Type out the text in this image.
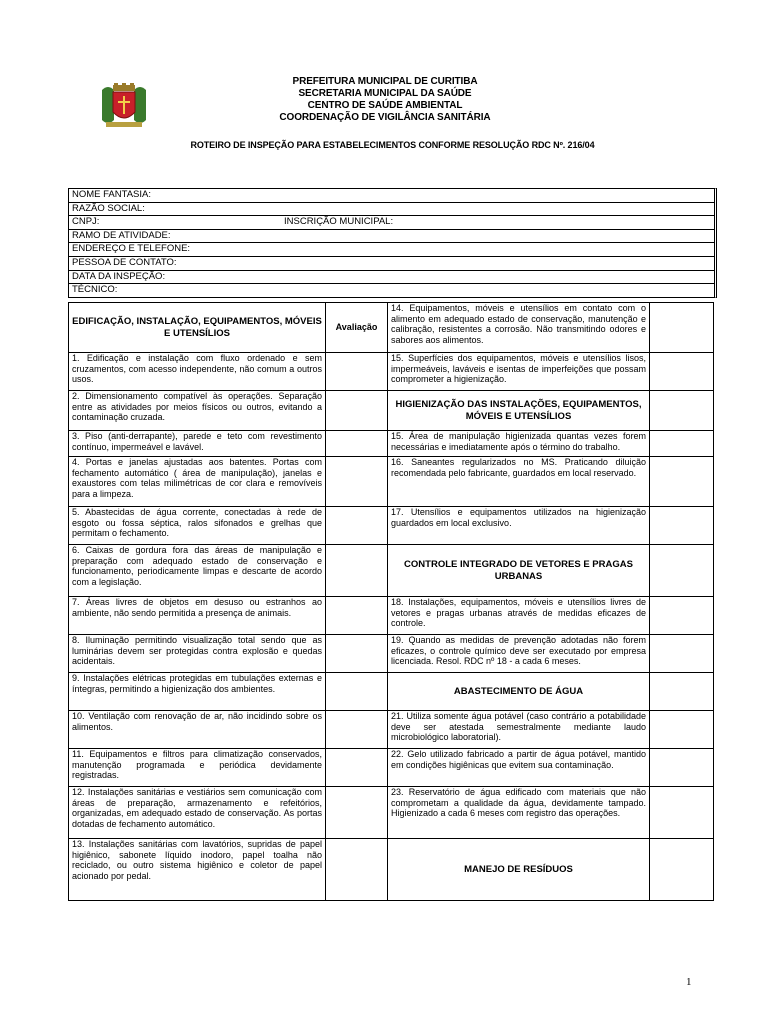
PREFEITURA MUNICIPAL DE CURITIBA
SECRETARIA MUNICIPAL DA SAÚDE
CENTRO DE SAÚDE AMBIENTAL
COORDENAÇÃO DE VIGILÂNCIA SANITÁRIA
ROTEIRO DE INSPEÇÃO PARA ESTABELECIMENTOS CONFORME RESOLUÇÃO RDC Nº. 216/04
NOME FANTASIA:
RAZÃO SOCIAL:
CNPJ:	INSCRIÇÃO MUNICIPAL:
RAMO DE ATIVIDADE:
ENDEREÇO E TELEFONE:
PESSOA DE CONTATO:
DATA DA INSPEÇÃO:
TÉCNICO:
EDIFICAÇÃO, INSTALAÇÃO, EQUIPAMENTOS, MÓVEIS E UTENSÍLIOS	Avaliação	14. Equipamentos, móveis e utensílios em contato com o alimento em adequado estado de conservação, manutenção e calibração, resistentes a corrosão. Não transmitindo odores e sabores aos alimentos.	
1. Edificação e instalação com fluxo ordenado e sem cruzamentos, com acesso independente, não comum a outros usos.		15. Superfícies dos equipamentos, móveis e utensílios lisos, impermeáveis, laváveis e isentas de imperfeições que possam comprometer a higienização.	
2. Dimensionamento compatível às operações. Separação entre as atividades por meios físicos ou outros, evitando a contaminação cruzada.		HIGIENIZAÇÃO DAS INSTALAÇÕES, EQUIPAMENTOS, MÓVEIS E UTENSÍLIOS	
3. Piso (anti-derrapante), parede e teto com revestimento contínuo, impermeável e lavável.		15. Área de manipulação higienizada quantas vezes forem necessárias e imediatamente após o término do trabalho.	
4. Portas e janelas ajustadas aos batentes. Portas com fechamento automático ( área de manipulação), janelas e exaustores com telas milimétricas de cor clara e removíveis para a limpeza.		16. Saneantes regularizados no MS. Praticando diluição recomendada pelo fabricante, guardados em local reservado.	
5. Abastecidas de água corrente, conectadas à rede de esgoto ou fossa séptica, ralos sifonados e grelhas que permitam o fechamento.		17. Utensílios e equipamentos utilizados na higienização guardados em local exclusivo.	
6. Caixas de gordura fora das áreas de manipulação e preparação com adequado estado de conservação e funcionamento, periodicamente limpas e descarte de acordo com a legislação.		CONTROLE INTEGRADO DE VETORES E PRAGAS URBANAS	
7. Áreas livres de objetos em desuso ou estranhos ao ambiente, não sendo permitida a presença de animais.		18. Instalações, equipamentos, móveis e utensílios livres de vetores e pragas urbanas através de medidas eficazes de controle.	
8. Iluminação permitindo visualização total sendo que as luminárias devem ser protegidas contra explosão e quedas acidentais.		19. Quando as medidas de prevenção adotadas não forem eficazes, o controle químico deve ser executado por empresa licenciada. Resol. RDC nº 18 - a cada 6 meses.	
9. Instalações elétricas protegidas em tubulações externas e íntegras, permitindo a higienização dos ambientes.		ABASTECIMENTO DE ÁGUA	
10. Ventilação com renovação de ar, não incidindo sobre os alimentos.		21. Utiliza somente água potável (caso contrário a potabilidade deve ser atestada semestralmente mediante laudo microbiológico laboratorial).	
11. Equipamentos e filtros para climatização conservados, manutenção programada e periódica devidamente registradas.		22. Gelo utilizado fabricado a partir de água potável, mantido em condições higiênicas que evitem sua contaminação.	
12. Instalações sanitárias e vestiários sem comunicação com áreas de preparação, armazenamento e refeitórios, organizadas, em adequado estado de conservação. As portas dotadas de fechamento automático.		23. Reservatório de água edificado com materiais que não comprometam a qualidade da água, devidamente tampado. Higienizado a cada 6 meses com registro das operações.	
13. Instalações sanitárias com lavatórios, supridas de papel higiênico, sabonete líquido inodoro, papel toalha não reciclado, ou outro sistema higiênico e coletor de papel acionado por pedal.		MANEJO DE RESÍDUOS	
1
